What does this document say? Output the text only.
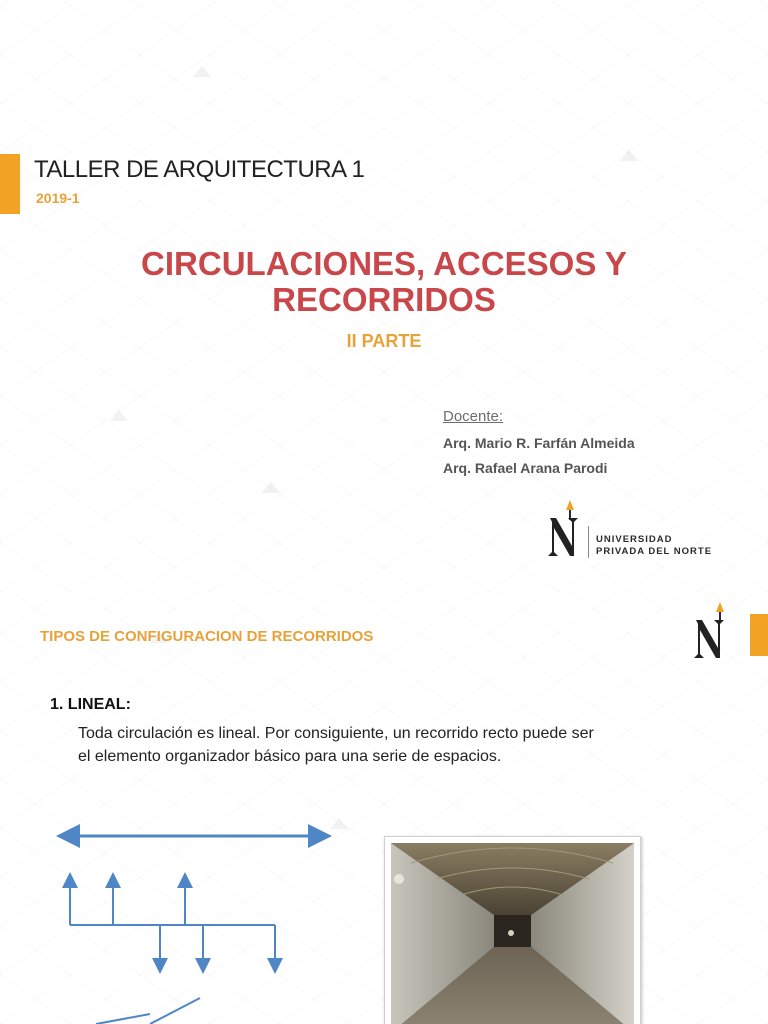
TALLER DE ARQUITECTURA 1
2019-1
CIRCULACIONES, ACCESOS Y
RECORRIDOS
II PARTE
Docente:
Arq. Mario R. Farfán Almeida
Arq. Rafael Arana Parodi
UNIVERSIDAD
PRIVADA DEL NORTE
TIPOS DE CONFIGURACION DE RECORRIDOS
1. LINEAL:
Toda circulación es lineal. Por consiguiente, un recorrido recto puede ser el elemento organizador básico para una serie de espacios.
